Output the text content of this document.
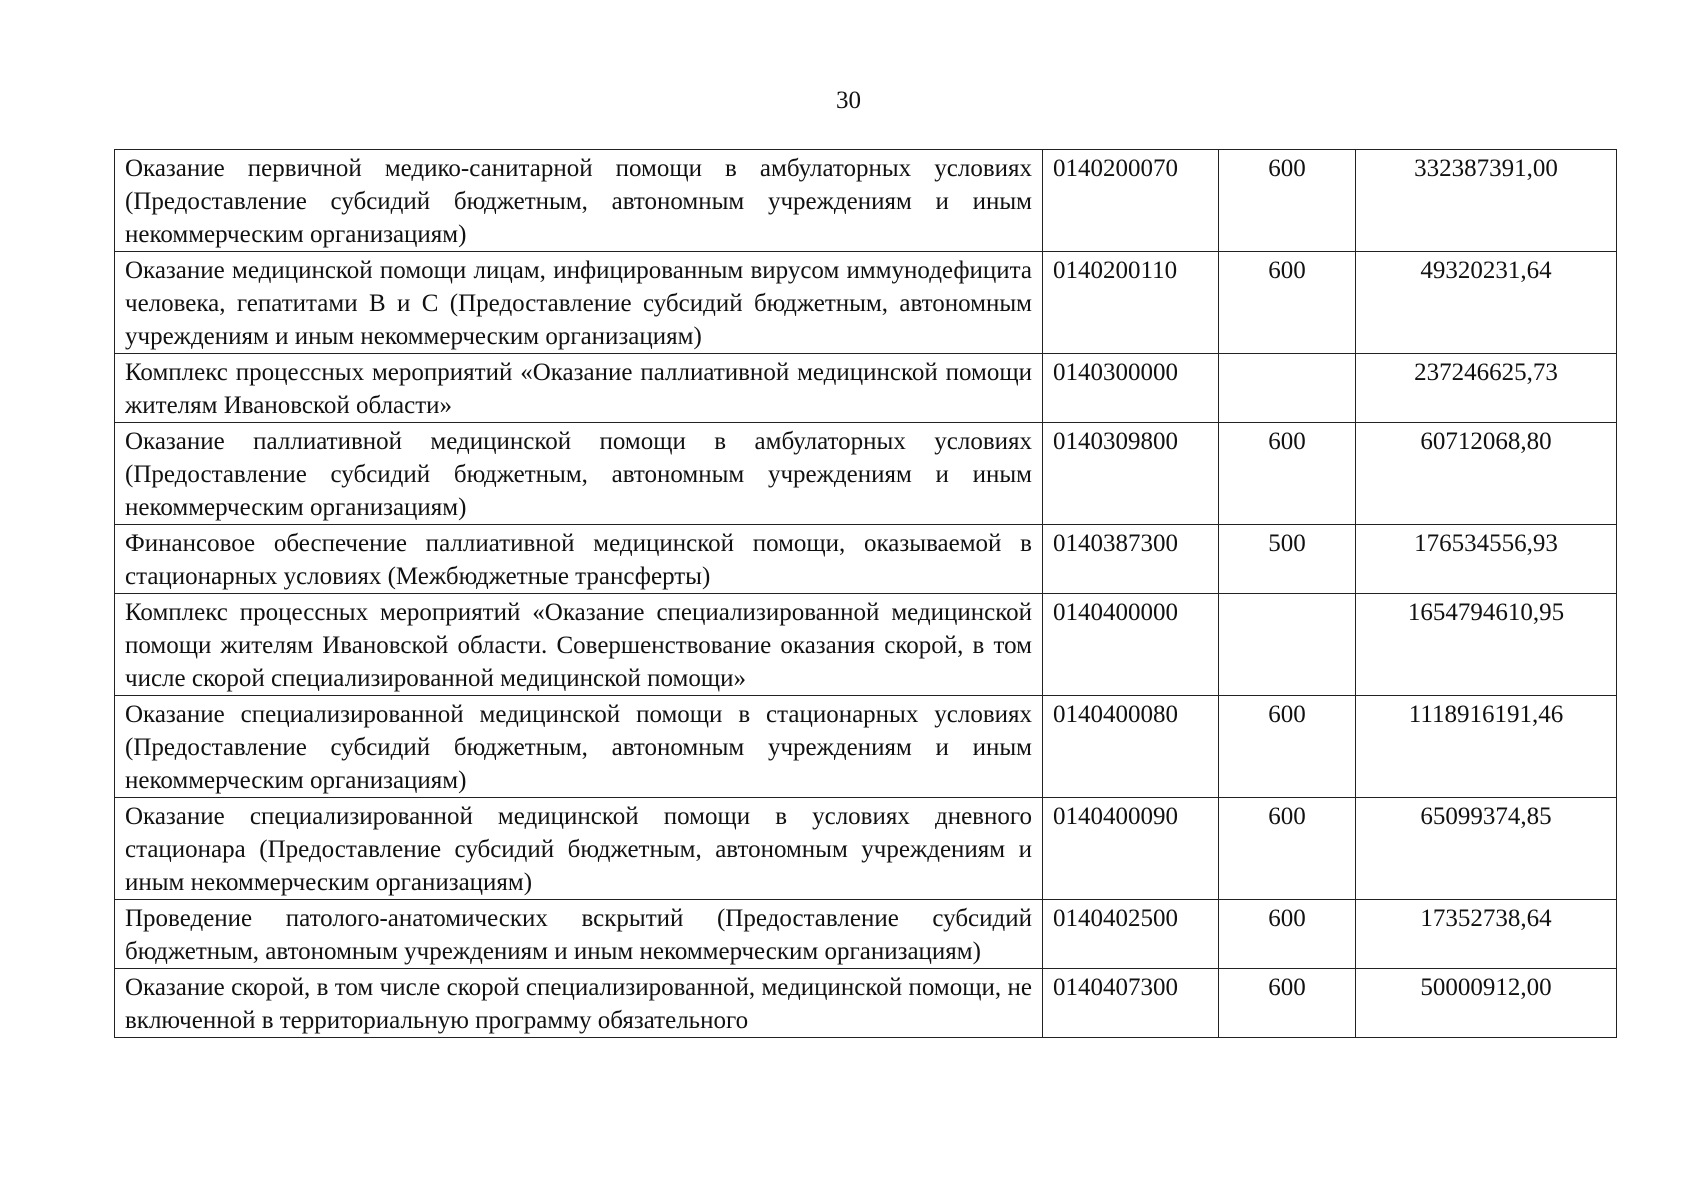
30
Оказание первичной медико-санитарной помощи в амбулаторных условиях (Предоставление субсидий бюджетным, автономным учреждениям и иным некоммерческим организациям)	0140200070	600	332387391,00
Оказание медицинской помощи лицам, инфицированным вирусом иммунодефицита человека, гепатитами B и C (Предоставление субсидий бюджетным, автономным учреждениям и иным некоммерческим организациям)	0140200110	600	49320231,64
Комплекс процессных мероприятий «Оказание паллиативной медицинской помощи жителям Ивановской области»	0140300000		237246625,73
Оказание паллиативной медицинской помощи в амбулаторных условиях (Предоставление субсидий бюджетным, автономным учреждениям и иным некоммерческим организациям)	0140309800	600	60712068,80
Финансовое обеспечение паллиативной медицинской помощи, оказываемой в стационарных условиях (Межбюджетные трансферты)	0140387300	500	176534556,93
Комплекс процессных мероприятий «Оказание специализированной медицинской помощи жителям Ивановской области. Совершенствование оказания скорой, в том числе скорой специализированной медицинской помощи»	0140400000		1654794610,95
Оказание специализированной медицинской помощи в стационарных условиях (Предоставление субсидий бюджетным, автономным учреждениям и иным некоммерческим организациям)	0140400080	600	1118916191,46
Оказание специализированной медицинской помощи в условиях дневного стационара (Предоставление субсидий бюджетным, автономным учреждениям и иным некоммерческим организациям)	0140400090	600	65099374,85
Проведение патолого-анатомических вскрытий (Предоставление субсидий бюджетным, автономным учреждениям и иным некоммерческим организациям)	0140402500	600	17352738,64
Оказание скорой, в том числе скорой специализированной, медицинской помощи, не включенной в территориальную программу обязательного	0140407300	600	50000912,00
